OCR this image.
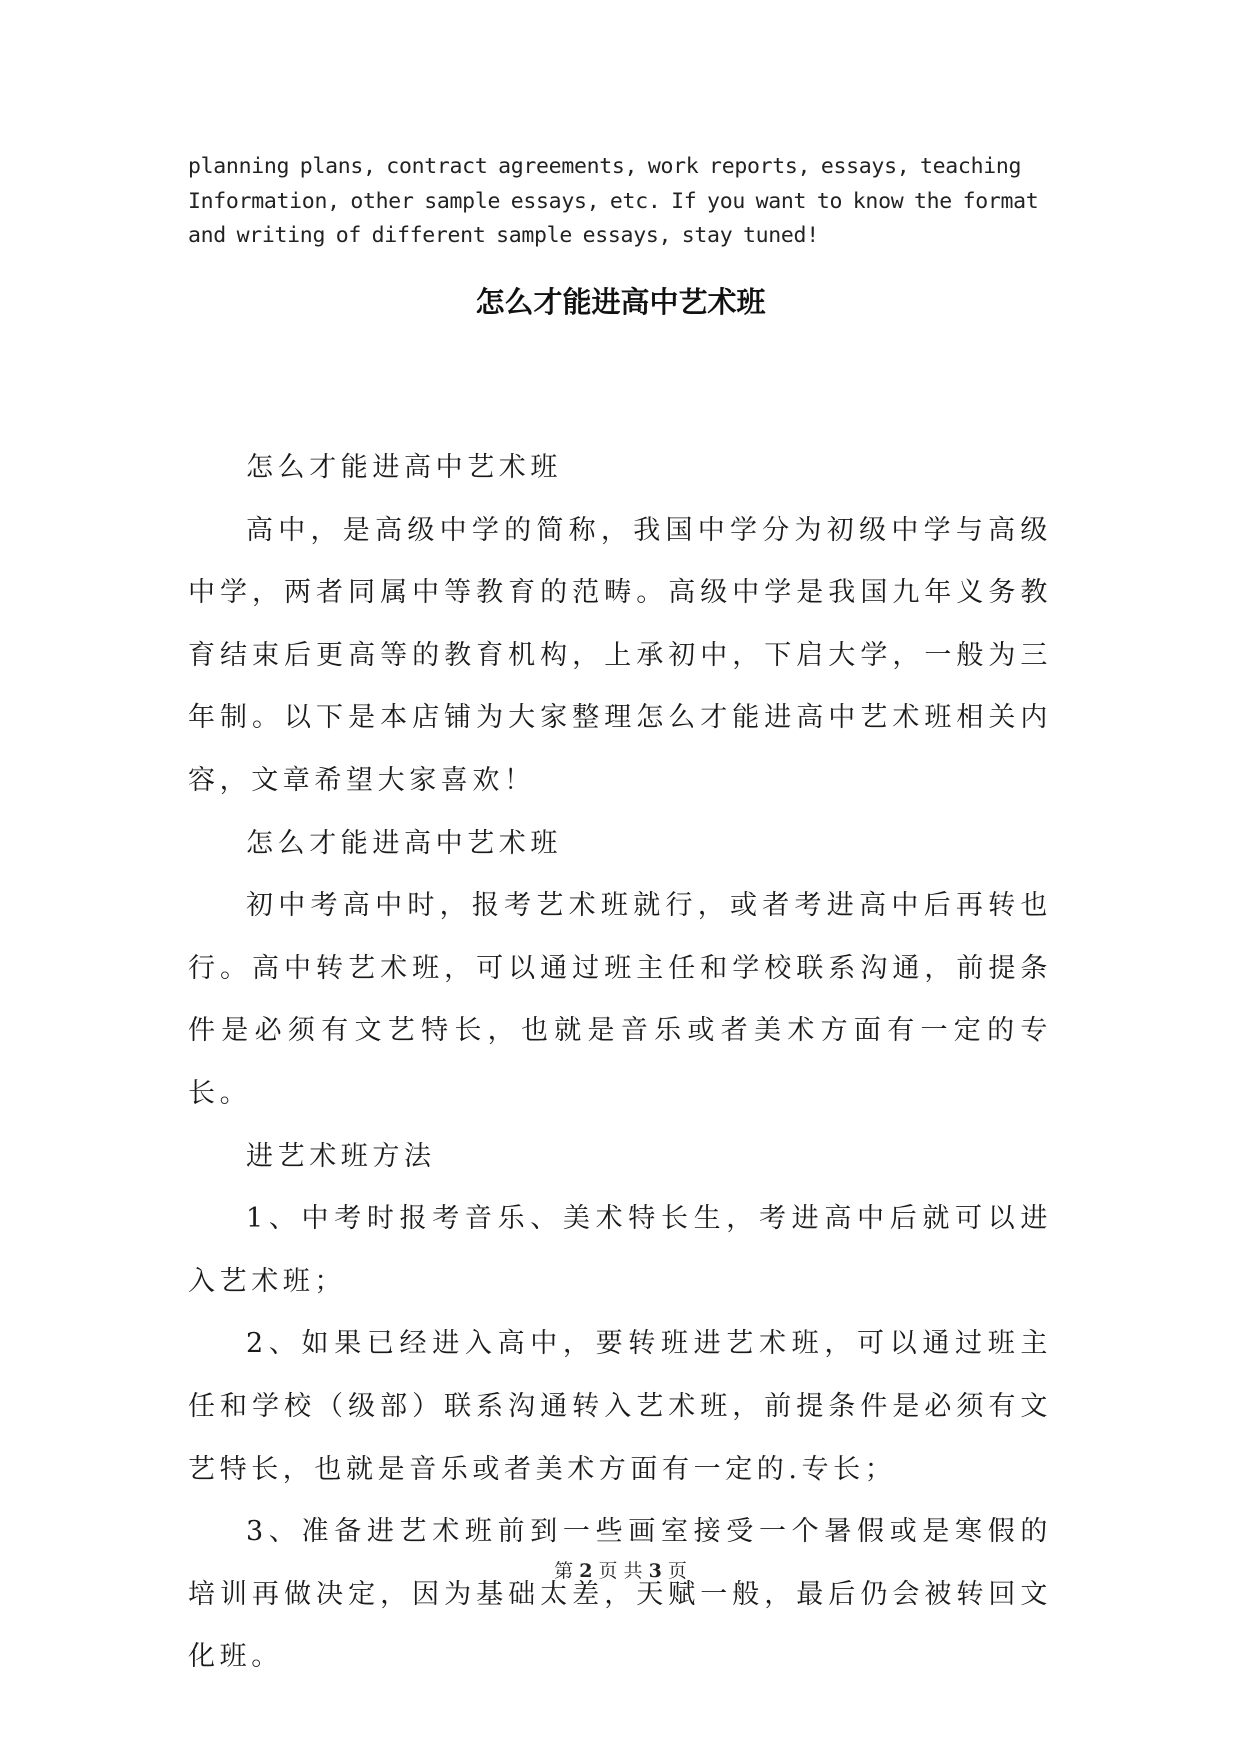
planning plans, contract agreements, work reports, essays, teaching Information, other sample essays, etc. If you want to know the format and writing of different sample essays, stay tuned!

怎么才能进高中艺术班

怎么才能进高中艺术班

高中，是高级中学的简称，我国中学分为初级中学与高级中学，两者同属中等教育的范畴。高级中学是我国九年义务教育结束后更高等的教育机构，上承初中，下启大学，一般为三年制。以下是本店铺为大家整理怎么才能进高中艺术班相关内容，文章希望大家喜欢！

怎么才能进高中艺术班

初中考高中时，报考艺术班就行，或者考进高中后再转也行。高中转艺术班，可以通过班主任和学校联系沟通，前提条件是必须有文艺特长，也就是音乐或者美术方面有一定的专长。

进艺术班方法

1、中考时报考音乐、美术特长生，考进高中后就可以进入艺术班；

2、如果已经进入高中，要转班进艺术班，可以通过班主任和学校（级部）联系沟通转入艺术班，前提条件是必须有文艺特长，也就是音乐或者美术方面有一定的.专长；

3、准备进艺术班前到一些画室接受一个暑假或是寒假的培训再做决定，因为基础太差，天赋一般，最后仍会被转回文化班。

第 2 页 共 3 页
